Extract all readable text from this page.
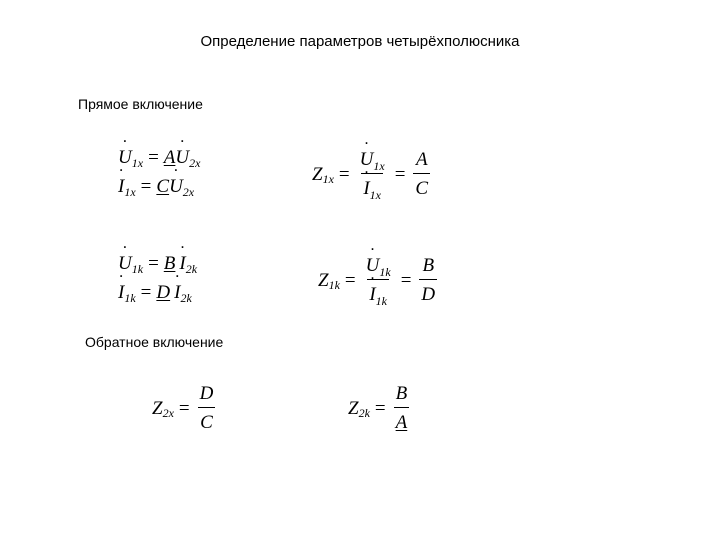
Определение параметров четырёхполюсника
Прямое включение
Обратное включение
˙ $U_{1x} = A$ ˙ $U_{2x}$
˙ $I_{1x} = C$ ˙ $U_{2x}$
$Z_{1x}$ = ˙ $U_{1x}$
˙ $I_{1x} = \frac{A}{C}$
˙ $U_{1k} = B$ ˙ $I_{2k}$
˙ $I_{1k} = D$ ˙ $I_{2k}$
$Z_{1k}$ = ˙ $U_{1k}$
˙ $I_{1k} = \frac{B}{D}$
$Z_{2x} = \frac{D}{C}$	$Z_{2k} = \frac{B}{A}$
